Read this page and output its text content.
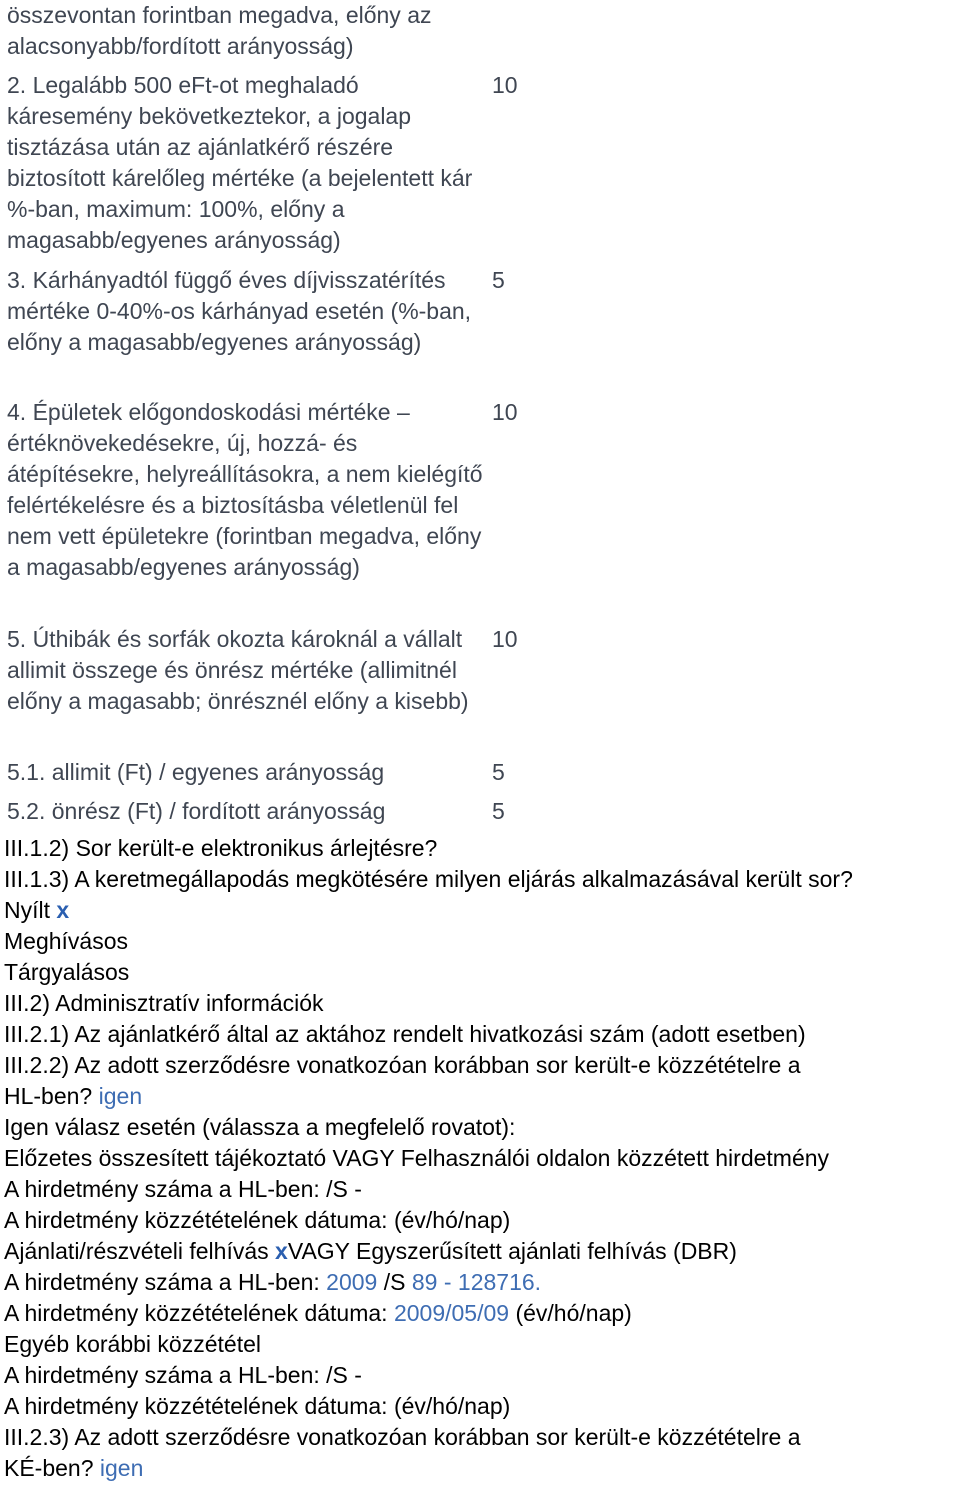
összevontan forintban megadva, előny az alacsonyabb/fordított arányosság)
2. Legalább 500 eFt-ot meghaladó káresemény bekövetkeztekor, a jogalap tisztázása után az ajánlatkérő részére biztosított kárelőleg mértéke (a bejelentett kár %-ban, maximum: 100%, előny a magasabb/egyenes arányosság)
10
3. Kárhányadtól függő éves díjvisszatérítés mértéke 0-40%-os kárhányad esetén (%-ban, előny a magasabb/egyenes arányosság)
5
4. Épületek előgondoskodási mértéke – értéknövekedésekre, új, hozzá- és átépítésekre, helyreállításokra, a nem kielégítő felértékelésre és a biztosításba véletlenül fel nem vett épületekre (forintban megadva, előny a magasabb/egyenes arányosság)
10
5. Úthibák és sorfák okozta károknál a vállalt allimit összege és önrész mértéke (allimitnél előny a magasabb; önrésznél előny a kisebb)
10
5.1. allimit (Ft) / egyenes arányosság	5
5.2. önrész (Ft) / fordított arányosság	5
III.1.2) Sor került-e elektronikus árlejtésre?
III.1.3) A keretmegállapodás megkötésére milyen eljárás alkalmazásával került sor?
Nyílt x
Meghívásos
Tárgyalásos
III.2) Adminisztratív információk
III.2.1) Az ajánlatkérő által az aktához rendelt hivatkozási szám (adott esetben)
III.2.2) Az adott szerződésre vonatkozóan korábban sor került-e közzétételre a
HL-ben? igen
Igen válasz esetén (válassza a megfelelő rovatot):
Előzetes összesített tájékoztató VAGY Felhasználói oldalon közzétett hirdetmény
A hirdetmény száma a HL-ben: /S -
A hirdetmény közzétételének dátuma: (év/hó/nap)
Ajánlati/részvételi felhívás xVAGY Egyszerűsített ajánlati felhívás (DBR)
A hirdetmény száma a HL-ben: 2009 /S 89 - 128716.
A hirdetmény közzétételének dátuma: 2009/05/09 (év/hó/nap)
Egyéb korábbi közzététel
A hirdetmény száma a HL-ben: /S -
A hirdetmény közzétételének dátuma: (év/hó/nap)
III.2.3) Az adott szerződésre vonatkozóan korábban sor került-e közzétételre a
KÉ-ben? igen
